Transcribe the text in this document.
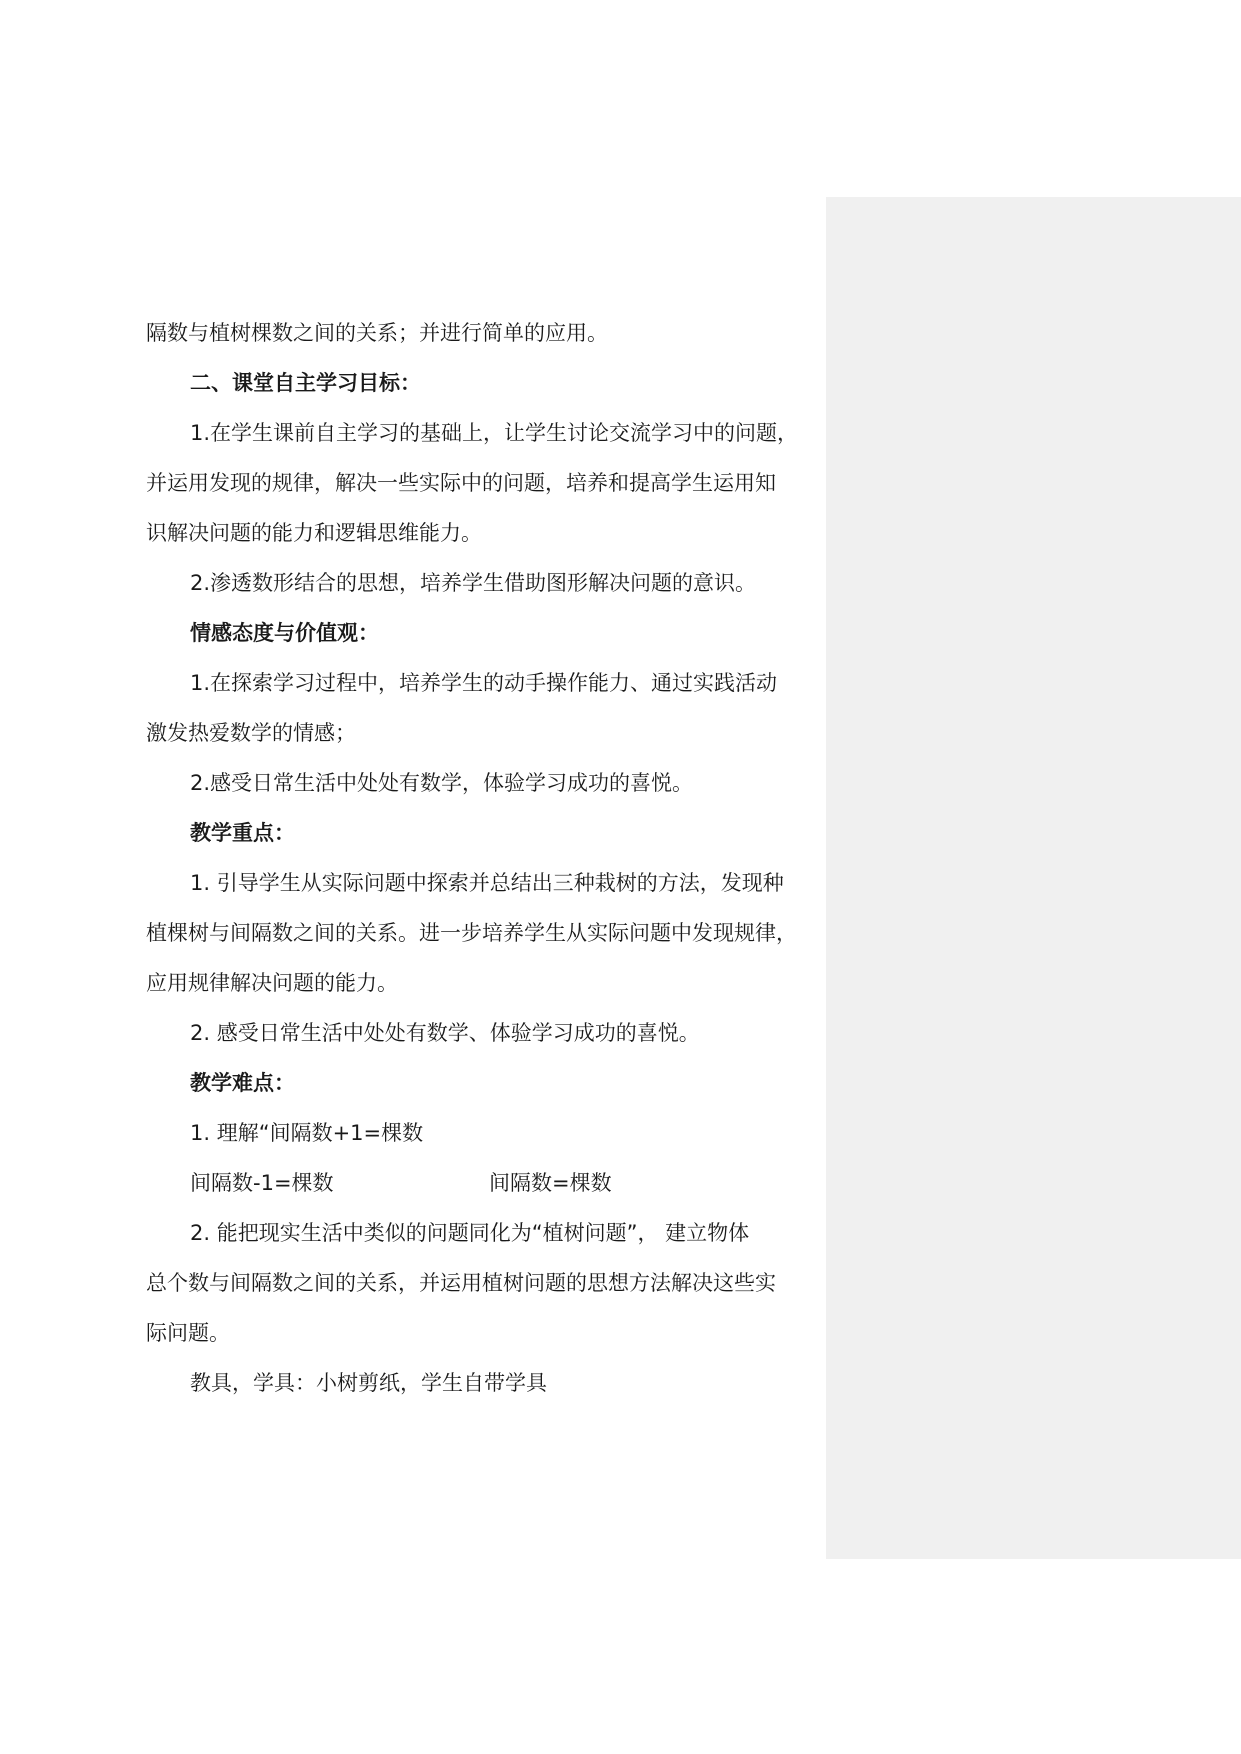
隔数与植树棵数之间的关系；并进行简单的应用。
二、课堂自主学习目标：
1.在学生课前自主学习的基础上，让学生讨论交流学习中的问题，
并运用发现的规律，解决一些实际中的问题，培养和提高学生运用知
识解决问题的能力和逻辑思维能力。
2.渗透数形结合的思想，培养学生借助图形解决问题的意识。
情感态度与价值观：
1.在探索学习过程中，培养学生的动手操作能力、通过实践活动
激发热爱数学的情感；
2.感受日常生活中处处有数学，体验学习成功的喜悦。
教学重点：
1. 引导学生从实际问题中探索并总结出三种栽树的方法，发现种
植棵树与间隔数之间的关系。进一步培养学生从实际问题中发现规律，
应用规律解决问题的能力。
2. 感受日常生活中处处有数学、体验学习成功的喜悦。
教学难点：
1. 理解“间隔数+1=棵数
间隔数-1=棵数	间隔数=棵数
2. 能把现实生活中类似的问题同化为“植树问题”， 建立物体
总个数与间隔数之间的关系，并运用植树问题的思想方法解决这些实
际问题。
教具，学具：小树剪纸，学生自带学具
